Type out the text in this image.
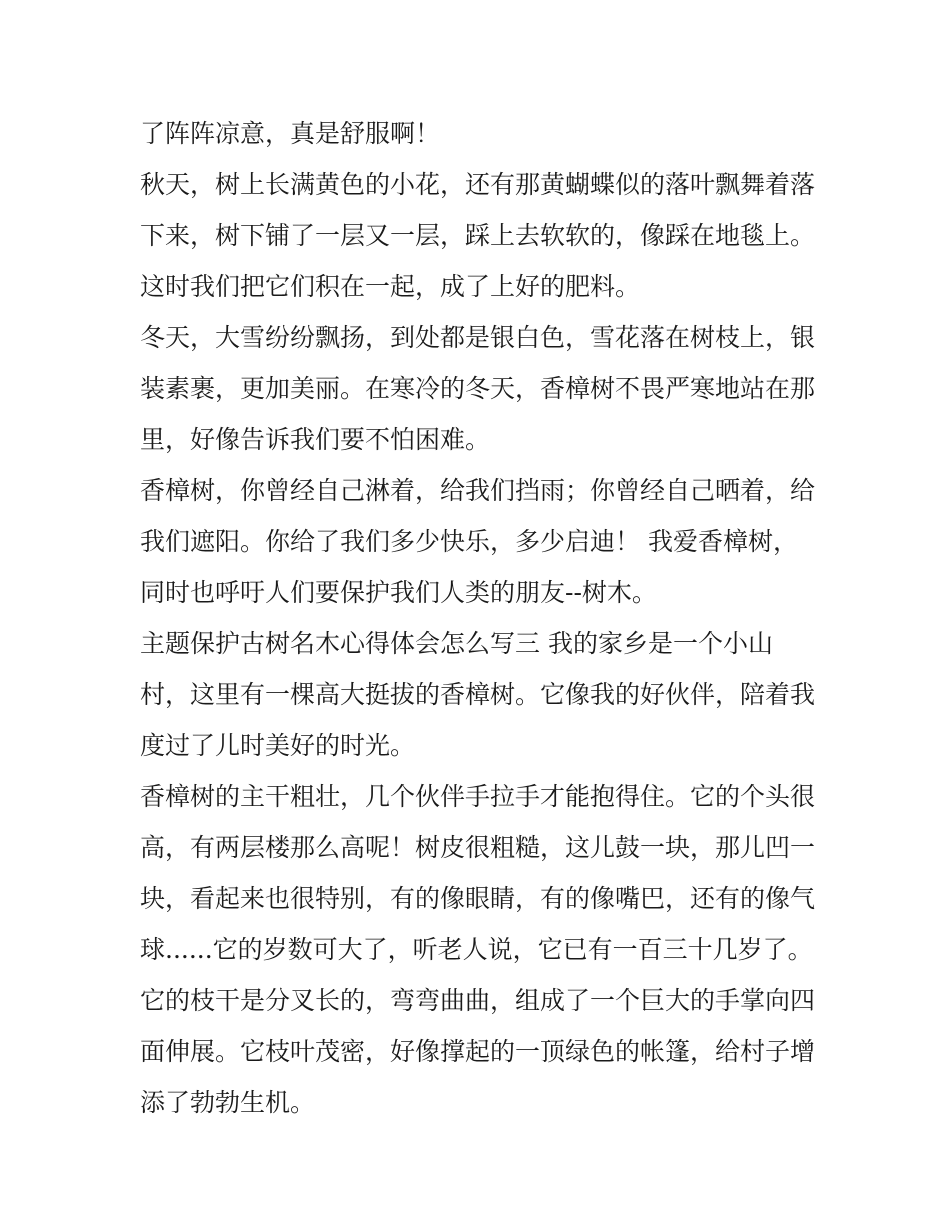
了阵阵凉意，真是舒服啊！
秋天，树上长满黄色的小花，还有那黄蝴蝶似的落叶飘舞着落
下来，树下铺了一层又一层，踩上去软软的，像踩在地毯上。
这时我们把它们积在一起，成了上好的肥料。
冬天，大雪纷纷飘扬，到处都是银白色，雪花落在树枝上，银
装素裹，更加美丽。在寒冷的冬天，香樟树不畏严寒地站在那
里，好像告诉我们要不怕困难。
香樟树，你曾经自己淋着，给我们挡雨；你曾经自己晒着，给
我们遮阳。你给了我们多少快乐，多少启迪！ 我爱香樟树，
同时也呼吁人们要保护我们人类的朋友--树木。
主题保护古树名木心得体会怎么写三 我的家乡是一个小山
村，这里有一棵高大挺拔的香樟树。它像我的好伙伴，陪着我
度过了儿时美好的时光。
香樟树的主干粗壮，几个伙伴手拉手才能抱得住。它的个头很
高，有两层楼那么高呢！树皮很粗糙，这儿鼓一块，那儿凹一
块，看起来也很特别，有的像眼睛，有的像嘴巴，还有的像气
球......它的岁数可大了，听老人说，它已有一百三十几岁了。
它的枝干是分叉长的，弯弯曲曲，组成了一个巨大的手掌向四
面伸展。它枝叶茂密，好像撑起的一顶绿色的帐篷，给村子增
添了勃勃生机。
